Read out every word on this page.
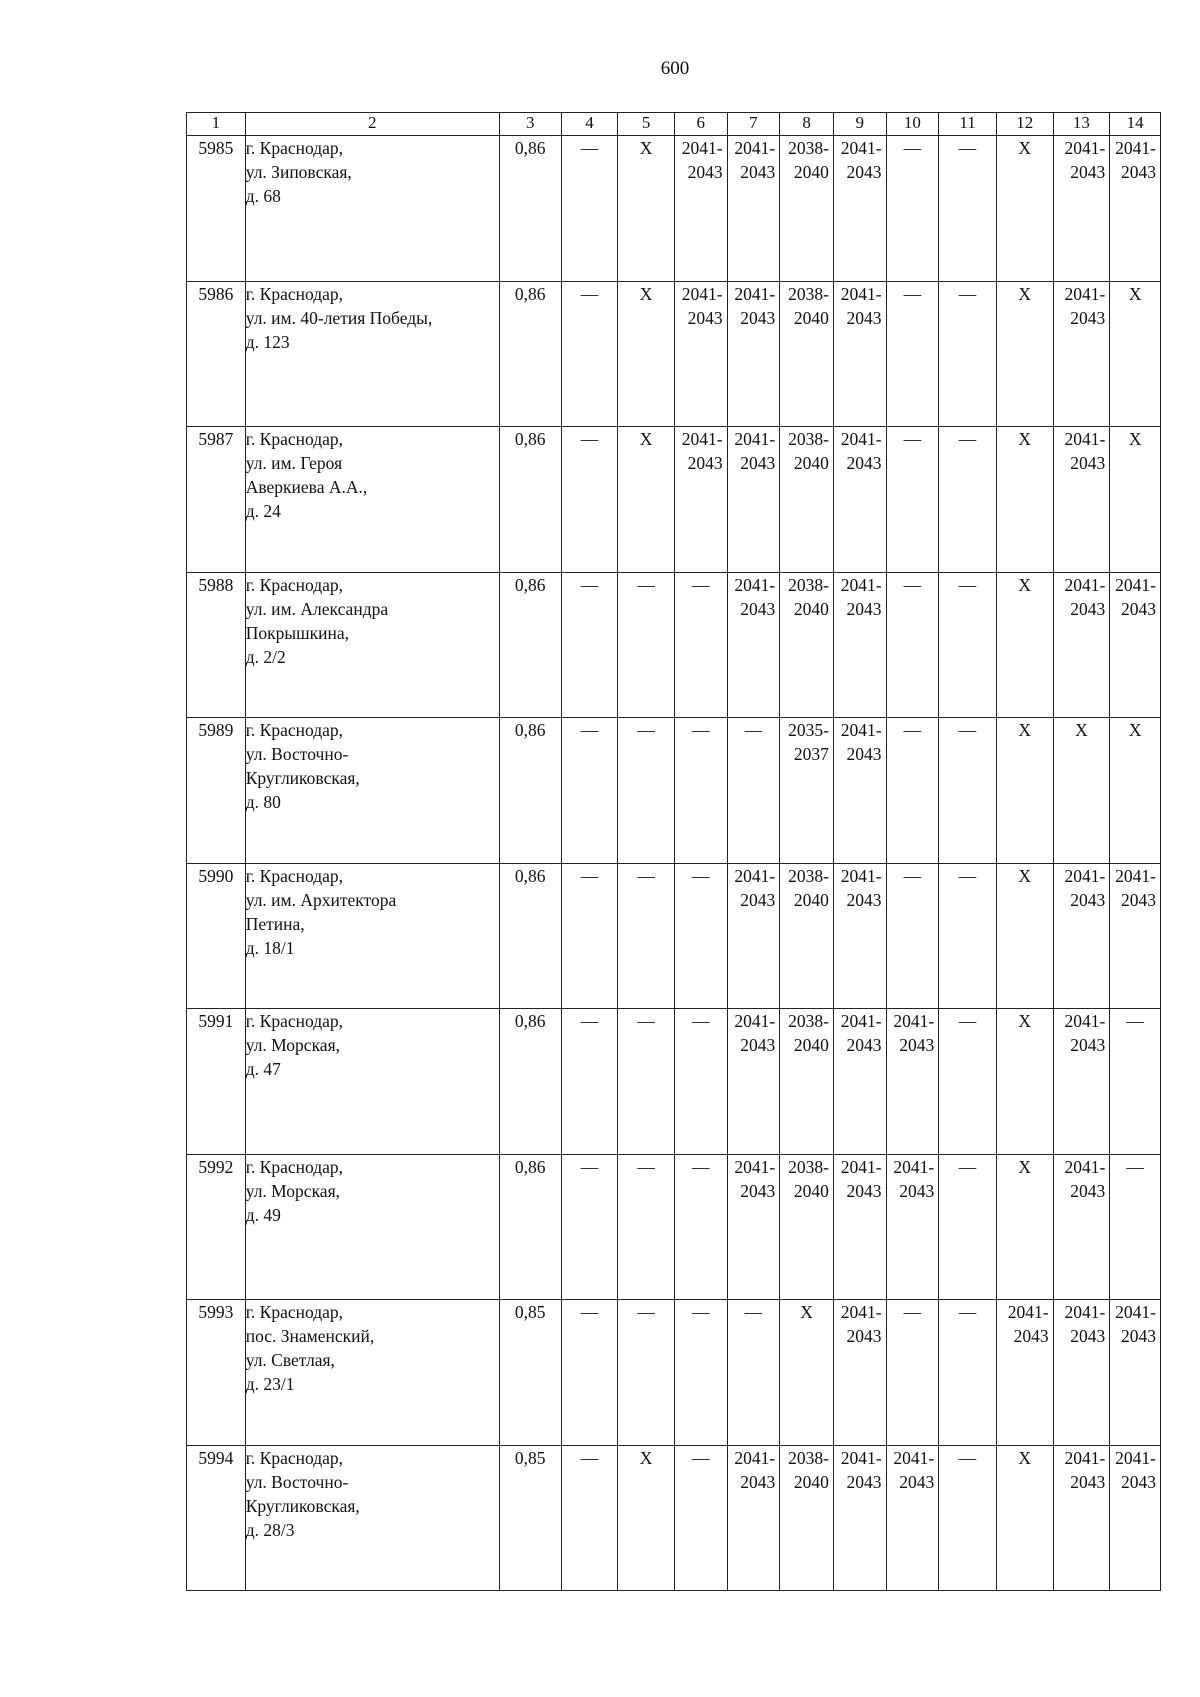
600
1	2	3	4	5	6	7	8	9	10	11	12	13	14
5985	г. Краснодар,
ул. Зиповская,
д. 68	0,86	—	X	2041-
2043	2041-
2043	2038-
2040	2041-
2043	—	—	X	2041-
2043	2041-
2043
5986	г. Краснодар,
ул. им. 40-летия Победы,
д. 123	0,86	—	X	2041-
2043	2041-
2043	2038-
2040	2041-
2043	—	—	X	2041-
2043	X
5987	г. Краснодар,
ул. им. Героя
Аверкиева А.А.,
д. 24	0,86	—	X	2041-
2043	2041-
2043	2038-
2040	2041-
2043	—	—	X	2041-
2043	X
5988	г. Краснодар,
ул. им. Александра
Покрышкина,
д. 2/2	0,86	—	—	—	2041-
2043	2038-
2040	2041-
2043	—	—	X	2041-
2043	2041-
2043
5989	г. Краснодар,
ул. Восточно-
Кругликовская,
д. 80	0,86	—	—	—	—	2035-
2037	2041-
2043	—	—	X	X	X
5990	г. Краснодар,
ул. им. Архитектора
Петина,
д. 18/1	0,86	—	—	—	2041-
2043	2038-
2040	2041-
2043	—	—	X	2041-
2043	2041-
2043
5991	г. Краснодар,
ул. Морская,
д. 47	0,86	—	—	—	2041-
2043	2038-
2040	2041-
2043	2041-
2043	—	X	2041-
2043	—
5992	г. Краснодар,
ул. Морская,
д. 49	0,86	—	—	—	2041-
2043	2038-
2040	2041-
2043	2041-
2043	—	X	2041-
2043	—
5993	г. Краснодар,
пос. Знаменский,
ул. Светлая,
д. 23/1	0,85	—	—	—	—	X	2041-
2043	—	—	2041-
2043	2041-
2043	2041-
2043
5994	г. Краснодар,
ул. Восточно-
Кругликовская,
д. 28/3	0,85	—	X	—	2041-
2043	2038-
2040	2041-
2043	2041-
2043	—	X	2041-
2043	2041-
2043
